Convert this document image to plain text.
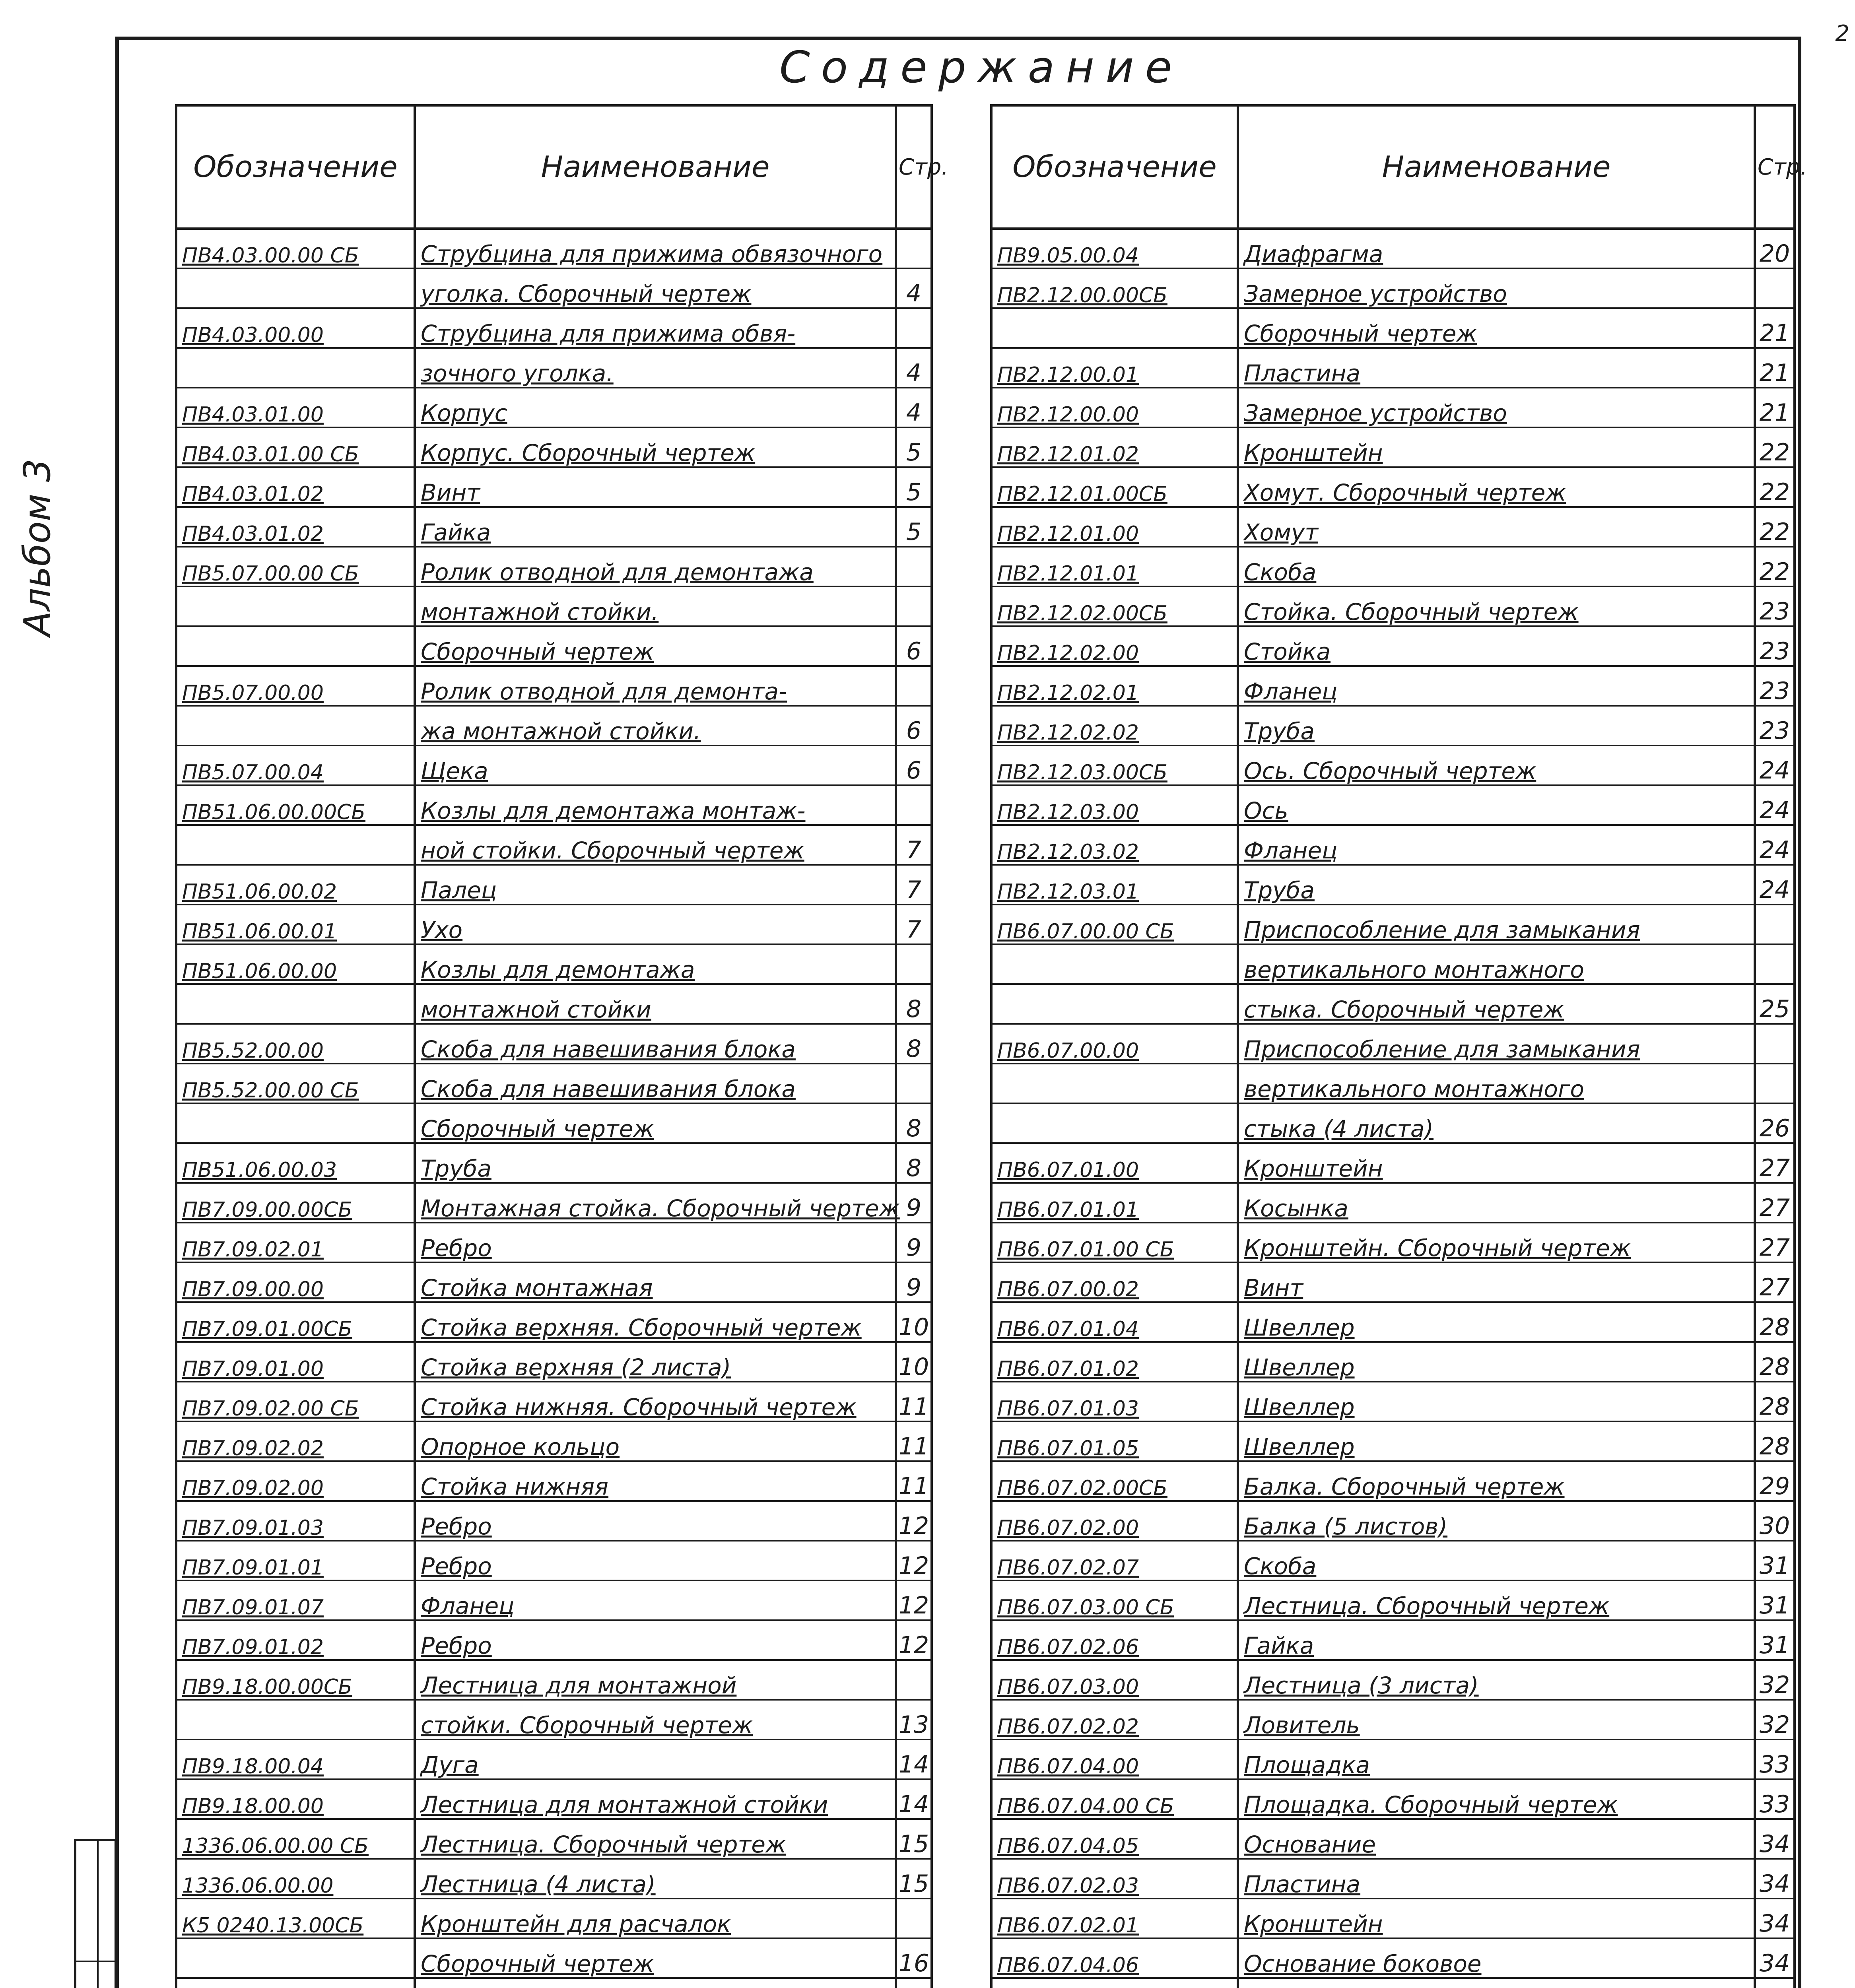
2
Альбом 3
Содержание
Обозначение	Наименование	Стр.
ПВ4.03.00.00 СБ	Струбцина для прижима обвязочного	
	уголка. Сборочный чертеж	4
ПВ4.03.00.00	Струбцина для прижима обвя-	
	зочного уголка.	4
ПВ4.03.01.00	Корпус	4
ПВ4.03.01.00 СБ	Корпус. Сборочный чертеж	5
ПВ4.03.01.02	Винт	5
ПВ4.03.01.02	Гайка	5
ПВ5.07.00.00 СБ	Ролик отводной для демонтажа	
	монтажной стойки.	
	Сборочный чертеж	6
ПВ5.07.00.00	Ролик отводной для демонта-	
	жа монтажной стойки.	6
ПВ5.07.00.04	Щека	6
ПВ51.06.00.00СБ	Козлы для демонтажа монтаж-	
	ной стойки. Сборочный чертеж	7
ПВ51.06.00.02	Палец	7
ПВ51.06.00.01	Ухо	7
ПВ51.06.00.00	Козлы для демонтажа	
	монтажной стойки	8
ПВ5.52.00.00	Скоба для навешивания блока	8
ПВ5.52.00.00 СБ	Скоба для навешивания блока	
	Сборочный чертеж	8
ПВ51.06.00.03	Труба	8
ПВ7.09.00.00СБ	Монтажная стойка. Сборочный чертеж	9
ПВ7.09.02.01	Ребро	9
ПВ7.09.00.00	Стойка монтажная	9
ПВ7.09.01.00СБ	Стойка верхняя. Сборочный чертеж	10
ПВ7.09.01.00	Стойка верхняя (2 листа)	10
ПВ7.09.02.00 СБ	Стойка нижняя. Сборочный чертеж	11
ПВ7.09.02.02	Опорное кольцо	11
ПВ7.09.02.00	Стойка нижняя	11
ПВ7.09.01.03	Ребро	12
ПВ7.09.01.01	Ребро	12
ПВ7.09.01.07	Фланец	12
ПВ7.09.01.02	Ребро	12
ПВ9.18.00.00СБ	Лестница для монтажной	
	стойки. Сборочный чертеж	13
ПВ9.18.00.04	Дуга	14
ПВ9.18.00.00	Лестница для монтажной стойки	14
1336.06.00.00 СБ	Лестница. Сборочный чертеж	15
1336.06.00.00	Лестница (4 листа)	15
К5 0240.13.00СБ	Кронштейн для расчалок	
	Сборочный чертеж	16

Обозначение	Наименование	Стр.
ПВ9.05.00.04	Диафрагма	20
ПВ2.12.00.00СБ	Замерное устройство	
	Сборочный чертеж	21
ПВ2.12.00.01	Пластина	21
ПВ2.12.00.00	Замерное устройство	21
ПВ2.12.01.02	Кронштейн	22
ПВ2.12.01.00СБ	Хомут. Сборочный чертеж	22
ПВ2.12.01.00	Хомут	22
ПВ2.12.01.01	Скоба	22
ПВ2.12.02.00СБ	Стойка. Сборочный чертеж	23
ПВ2.12.02.00	Стойка	23
ПВ2.12.02.01	Фланец	23
ПВ2.12.02.02	Труба	23
ПВ2.12.03.00СБ	Ось. Сборочный чертеж	24
ПВ2.12.03.00	Ось	24
ПВ2.12.03.02	Фланец	24
ПВ2.12.03.01	Труба	24
ПВ6.07.00.00 СБ	Приспособление для замыкания	
	вертикального монтажного	
	стыка. Сборочный чертеж	25
ПВ6.07.00.00	Приспособление для замыкания	
	вертикального монтажного	
	стыка (4 листа)	26
ПВ6.07.01.00	Кронштейн	27
ПВ6.07.01.01	Косынка	27
ПВ6.07.01.00 СБ	Кронштейн. Сборочный чертеж	27
ПВ6.07.00.02	Винт	27
ПВ6.07.01.04	Швеллер	28
ПВ6.07.01.02	Швеллер	28
ПВ6.07.01.03	Швеллер	28
ПВ6.07.01.05	Швеллер	28
ПВ6.07.02.00СБ	Балка. Сборочный чертеж	29
ПВ6.07.02.00	Балка (5 листов)	30
ПВ6.07.02.07	Скоба	31
ПВ6.07.03.00 СБ	Лестница. Сборочный чертеж	31
ПВ6.07.02.06	Гайка	31
ПВ6.07.03.00	Лестница (3 листа)	32
ПВ6.07.02.02	Ловитель	32
ПВ6.07.04.00	Площадка	33
ПВ6.07.04.00 СБ	Площадка. Сборочный чертеж	33
ПВ6.07.04.05	Основание	34
ПВ6.07.02.03	Пластина	34
ПВ6.07.02.01	Кронштейн	34
ПВ6.07.04.06	Основание боковое	34
